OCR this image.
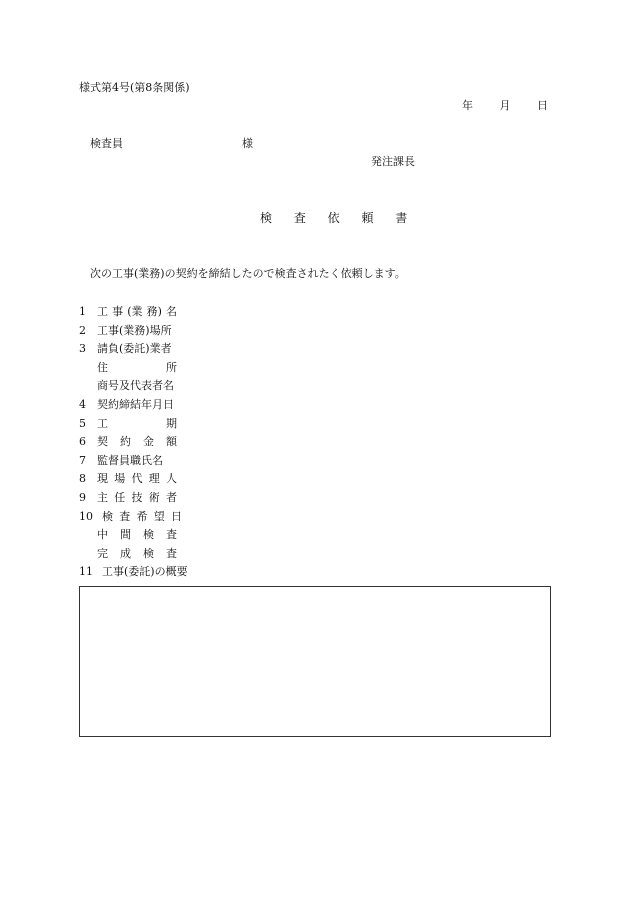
様式第4号(第8条関係)
年 月 日
検査員	様
発注課長
検 査 依 頼 書
次の工事(業務)の契約を締結したので検査されたく依頼します。
1	工 事 (業 務) 名
2	工事(業務)場所
3	請負(委託)業者
住	所
商号及代表者名
4	契約締結年月日
5	工	期
6	契 約 金 額
7	監督員職氏名
8	現 場 代 理 人
9	主 任 技 術 者
10 検 査 希 望 日
中 間 検 査
完 成 検 査
11 工事(委託)の概要
